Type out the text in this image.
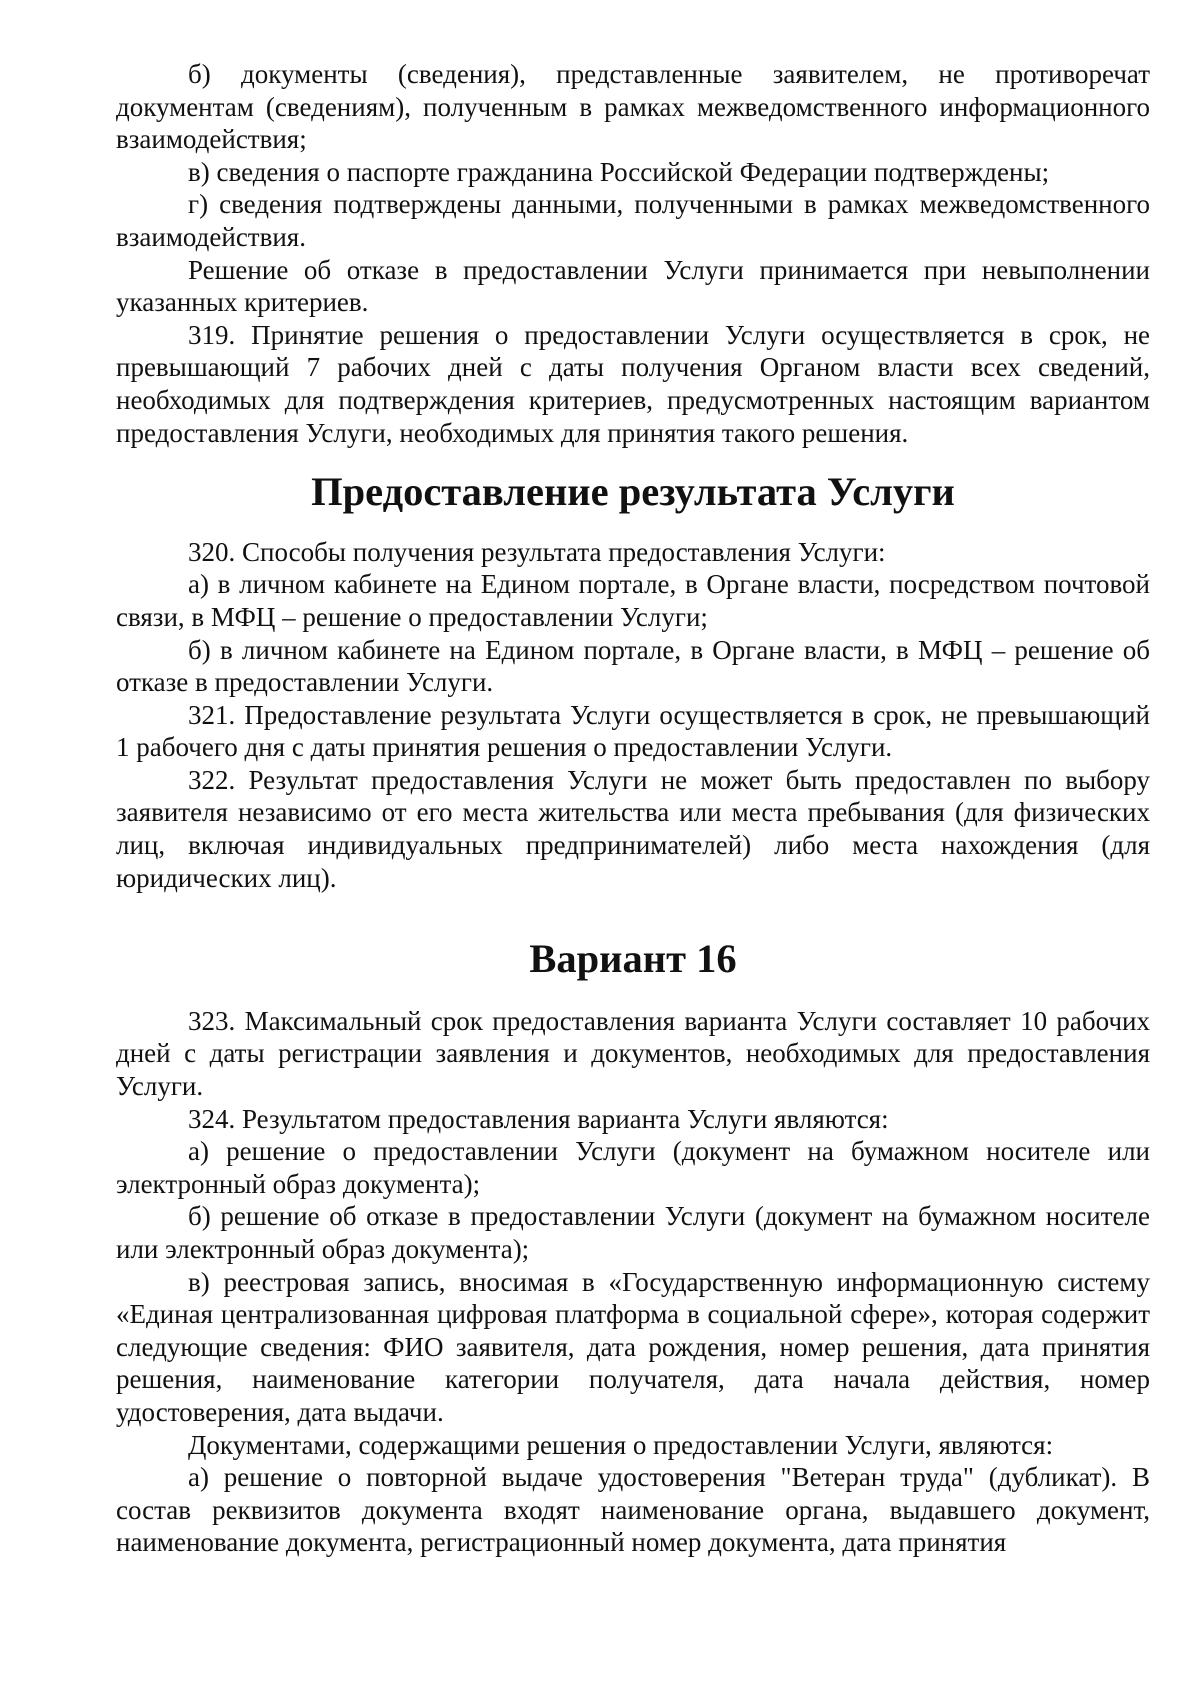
б) документы (сведения), представленные заявителем, не противоречат документам (сведениям), полученным в рамках межведомственного информационного взаимодействия;

в) сведения о паспорте гражданина Российской Федерации подтверждены;

г) сведения подтверждены данными, полученными в рамках межведомственного взаимодействия.

Решение об отказе в предоставлении Услуги принимается при невыполнении указанных критериев.

319. Принятие решения о предоставлении Услуги осуществляется в срок, не превышающий 7 рабочих дней с даты получения Органом власти всех сведений, необходимых для подтверждения критериев, предусмотренных настоящим вариантом предоставления Услуги, необходимых для принятия такого решения.

Предоставление результата Услуги

320. Способы получения результата предоставления Услуги:

а) в личном кабинете на Едином портале, в Органе власти, посредством почтовой связи, в МФЦ – решение о предоставлении Услуги;

б) в личном кабинете на Едином портале, в Органе власти, в МФЦ – решение об отказе в предоставлении Услуги.

321. Предоставление результата Услуги осуществляется в срок, не превышающий 1 рабочего дня с даты принятия решения о предоставлении Услуги.

322. Результат предоставления Услуги не может быть предоставлен по выбору заявителя независимо от его места жительства или места пребывания (для физических лиц, включая индивидуальных предпринимателей) либо места нахождения (для юридических лиц).

Вариант 16

323. Максимальный срок предоставления варианта Услуги составляет 10 рабочих дней с даты регистрации заявления и документов, необходимых для предоставления Услуги.

324. Результатом предоставления варианта Услуги являются:

а) решение о предоставлении Услуги (документ на бумажном носителе или электронный образ документа);

б) решение об отказе в предоставлении Услуги (документ на бумажном носителе или электронный образ документа);

в) реестровая запись, вносимая в «Государственную информационную систему «Единая централизованная цифровая платформа в социальной сфере», которая содержит следующие сведения: ФИО заявителя, дата рождения, номер решения, дата принятия решения, наименование категории получателя, дата начала действия, номер удостоверения, дата выдачи.

Документами, содержащими решения о предоставлении Услуги, являются:

а) решение о повторной выдаче удостоверения "Ветеран труда" (дубликат). В состав реквизитов документа входят наименование органа, выдавшего документ, наименование документа, регистрационный номер документа, дата принятия
